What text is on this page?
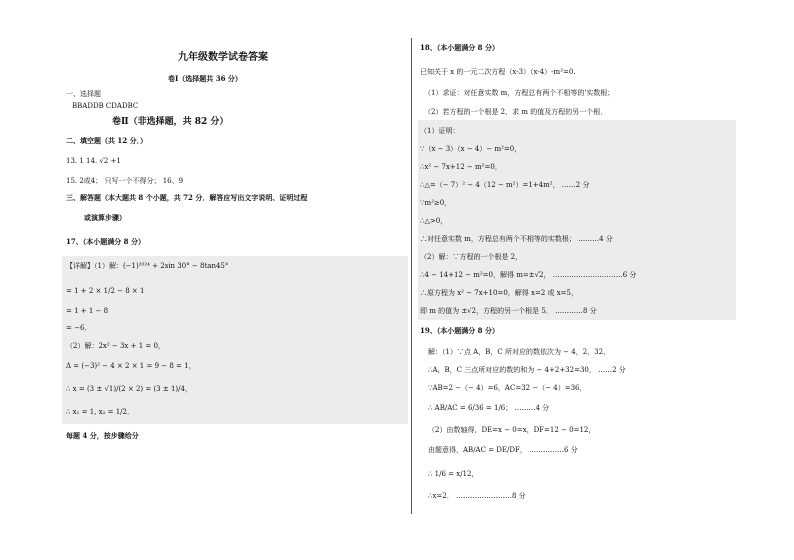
九年级数学试卷答案
卷Ⅰ（选择题共 36 分）
一、选择题
BBADDB CDADBC
卷Ⅱ（非选择题，共 82 分）
二、填空题（共 12 分．）
13. 1 14. √2 +1
15. 2或4； 只写一个不得分； 16、9
三、解答题（本大题共 8 个小题，共 72 分．解答应写出文字说明、证明过程
或演算步骤）
17、（本小题满分 8 分）
【详解】（1）解：(−1)²⁰²⁴ + 2sin 30° − 8tan45°
= 1 + 2 × 1/2 − 8 × 1
= 1 + 1 − 8
= −6．
（2）解：2x² − 3x + 1 = 0，
Δ = (−3)² − 4 × 2 × 1 = 9 − 8 = 1，
∴ x = (3 ± √1)/(2 × 2) = (3 ± 1)/4，
∴ x₁ = 1, x₂ = 1/2．
每题 4 分，按步骤给分
18、（本小题满分 8 分）
已知关于 x 的一元二次方程（x-3）（x-4）-m²=0.
（1）求证：对任意实数 m，方程总有两个不相等的'实数根；
（2）若方程的一个根是 2，求 m 的值及方程的另一个根．
（1）证明：
∵（x − 3）（x − 4）− m²=0，
∴x² − 7x+12 − m²=0，
∴△=（− 7）² − 4（12 − m²）=1+4m²， ……2 分
∵m²≥0，
∴△>0，
∴对任意实数 m，方程总有两个不相等的实数根； ………4 分
（2）解：∵方程的一个根是 2，
∴4 − 14+12 − m²=0，解得 m=±√2， …………………………6 分
∴原方程为 x² − 7x+10=0，解得 x=2 或 x=5，
即 m 的值为 ±√2，方程的另一个根是 5． …………8 分
19、（本小题满分 8 分）
解：（1）∵点 A，B，C 所对应的数依次为 − 4，2，32，
∴A，B，C 三点所对应的数的和为 − 4+2+32=30， ……2 分
∵AB=2 −（− 4）=6，AC=32 −（− 4）=36，
∴ AB/AC = 6/36 = 1/6； ………4 分
（2）由数轴得，DE=x − 0=x，DF=12 − 0=12，
由题意得，AB/AC = DE/DF， ……………6 分
∴ 1/6 = x/12，
∴x=2． ……………………8 分
